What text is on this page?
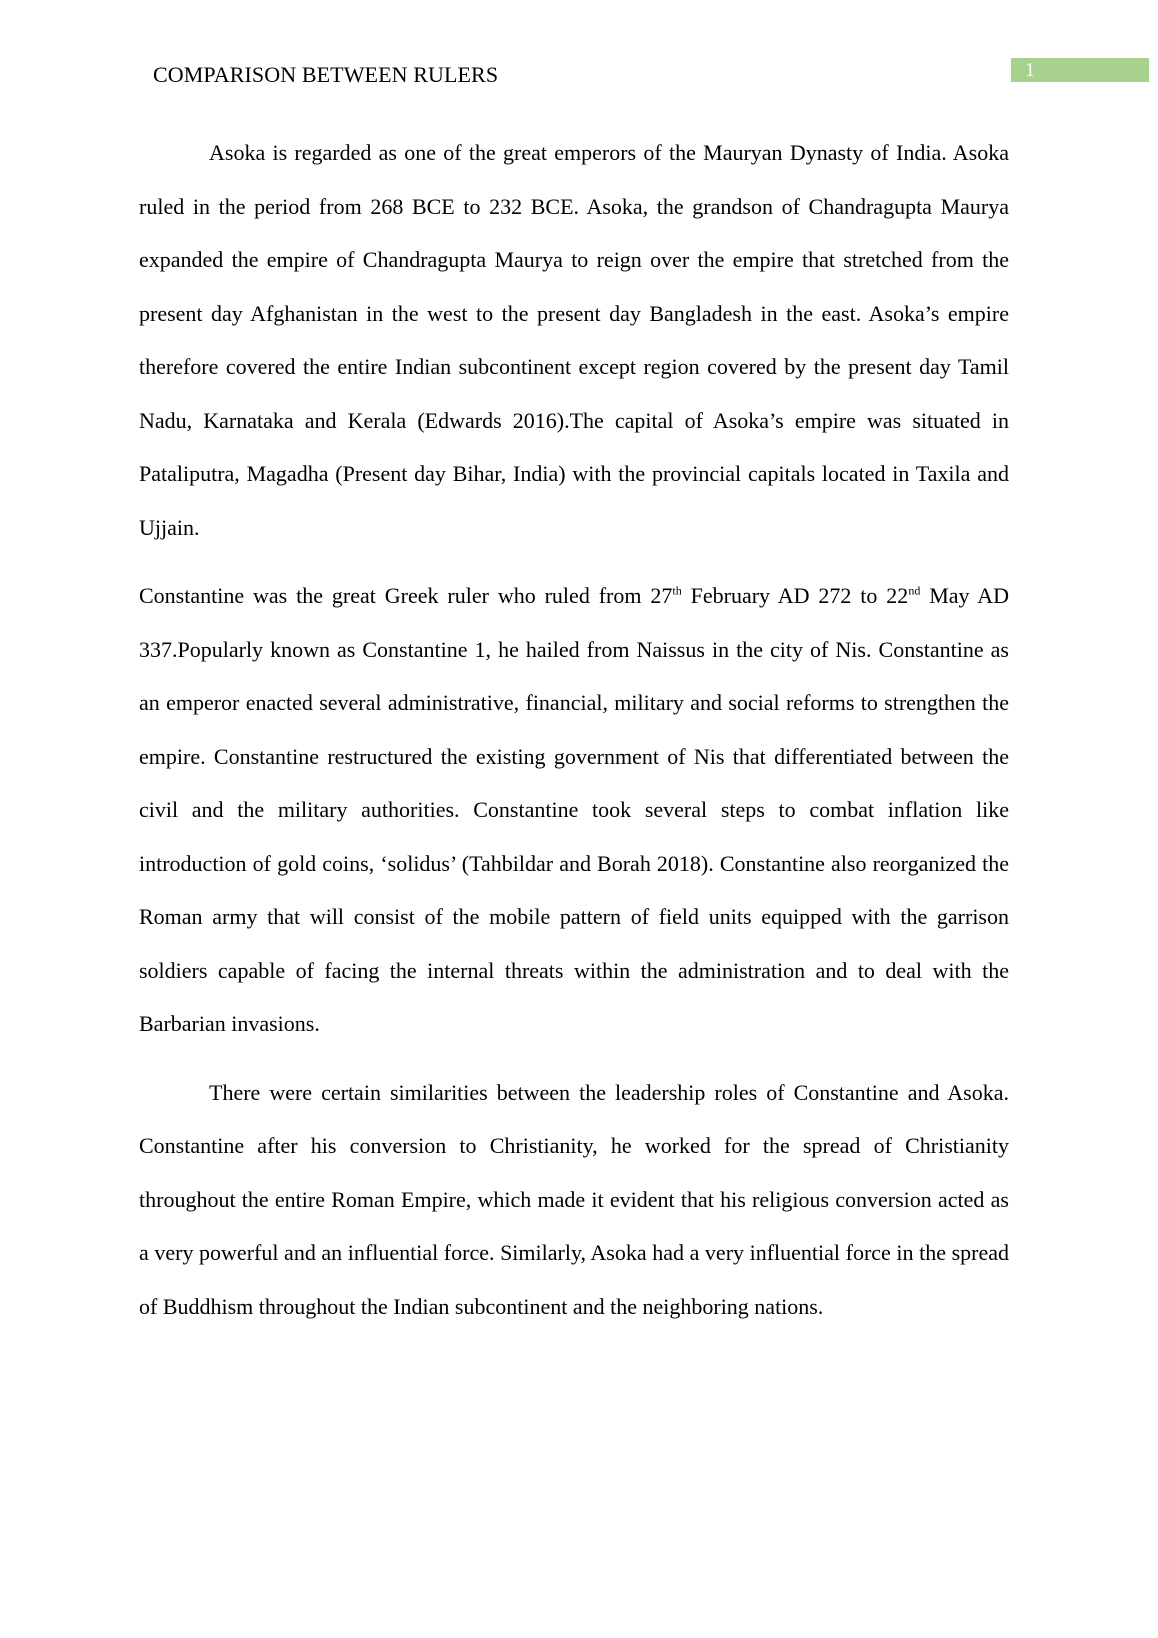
COMPARISON BETWEEN RULERS	1

Asoka is regarded as one of the great emperors of the Mauryan Dynasty of India. Asoka ruled in the period from 268 BCE to 232 BCE. Asoka, the grandson of Chandragupta Maurya expanded the empire of Chandragupta Maurya to reign over the empire that stretched from the present day Afghanistan in the west to the present day Bangladesh in the east. Asoka’s empire therefore covered the entire Indian subcontinent except region covered by the present day Tamil Nadu, Karnataka and Kerala (Edwards 2016).The capital of Asoka’s empire was situated in Pataliputra, Magadha (Present day Bihar, India) with the provincial capitals located in Taxila and Ujjain.

Constantine was the great Greek ruler who ruled from 27th February AD 272 to 22nd May AD 337.Popularly known as Constantine 1, he hailed from Naissus in the city of Nis. Constantine as an emperor enacted several administrative, financial, military and social reforms to strengthen the empire. Constantine restructured the existing government of Nis that differentiated between the civil and the military authorities. Constantine took several steps to combat inflation like introduction of gold coins, ‘solidus’ (Tahbildar and Borah 2018). Constantine also reorganized the Roman army that will consist of the mobile pattern of field units equipped with the garrison soldiers capable of facing the internal threats within the administration and to deal with the Barbarian invasions.

There were certain similarities between the leadership roles of Constantine and Asoka. Constantine after his conversion to Christianity, he worked for the spread of Christianity throughout the entire Roman Empire, which made it evident that his religious conversion acted as a very powerful and an influential force. Similarly, Asoka had a very influential force in the spread of Buddhism throughout the Indian subcontinent and the neighboring nations.
